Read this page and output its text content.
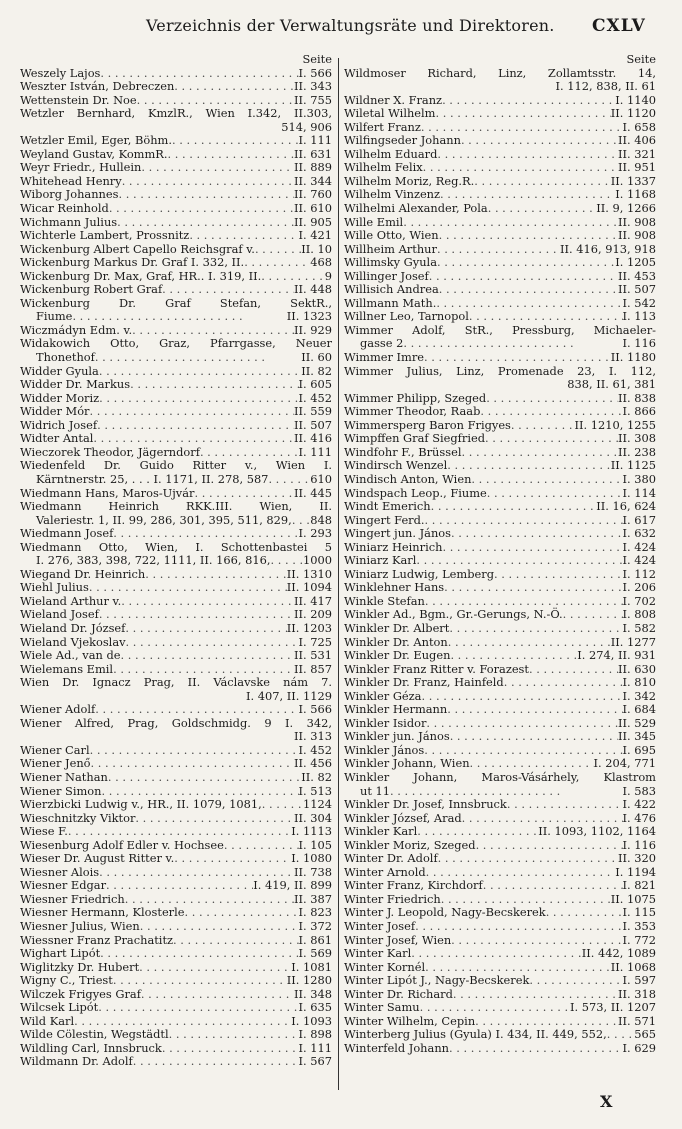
Verzeichnis der Verwaltungsräte und Direktoren. CXLV
Seite
Weszely Lajos . . .	I. 566
Weszter István, Debreczen . . .	II. 343
Wettenstein Dr. Noe . . .	II. 755
Wetzler Bernhard, KmzlR., Wien I.342, II.303,
514, 906
Wetzler Emil, Eger, Böhm. . . .	I. 111
Weyland Gustav, KommR. . . .	II. 631
Weyr Friedr., Hullein . . .	II. 889
Whitehead Henry . . .	II. 344
Wiborg Johannes . . .	II. 760
Wicar Reinhold . . .	II. 610
Wichmann Julius . . .	II. 905
Wichterle Lambert, Prossnitz . . .	I. 421
Wickenburg Albert Capello Reichsgraf v. . . .	II. 10
Wickenburg Markus Dr. Graf I. 332, II. . . .	468
Wickenburg Dr. Max, Graf, HR.. I. 319, II. . . .	9
Wickenburg Robert Graf . . .	II. 448
Wickenburg Dr. Graf Stefan, SektR.,
Fiume . . .	II. 1323
Wiczmádyn Edm. v. . . .	II. 929
Widakowich Otto, Graz, Pfarrgasse, Neuer
Thonethof . . .	II. 60
Widder Gyula . . .	II. 82
Widder Dr. Markus . . .	I. 605
Widder Moriz . . .	I. 452
Widder Mór . . .	II. 559
Widrich Josef . . .	II. 507
Widter Antal . . .	II. 416
Wieczorek Theodor, Jägerndorf . . .	I. 111
Wiedenfeld Dr. Guido Ritter v., Wien I.
Kärntnerstr. 25, . . . I. 1171, II. 278, 587 . . .	610
Wiedmann Hans, Maros-Ujvár . . .	II. 445
Wiedmann Heinrich RKK.III. Wien, II.
Valeriestr. 1, II. 99, 286, 301, 395, 511, 829, . . . 848
Wiedmann Josef . . .	I. 293
Wiedmann Otto, Wien, I. Schottenbastei 5
I. 276, 383, 398, 722, 1111, II. 166, 816, . . .	1000
Wiegand Dr. Heinrich . . .	II. 1310
Wiehl Julius . . .	II. 1094
Wieland Arthur v. . . .	II. 417
Wieland Josef . . .	II. 209
Wieland Dr. József . . .	II. 1203
Wieland Vjekoslav . . .	I. 725
Wiele Ad., van de . . .	II. 531
Wielemans Emil . . .	II. 857
Wien Dr. Ignacz Prag, II. Václavske nám 7.
I. 407, II. 1129
Wiener Adolf . . .	I. 566
Wiener Alfred, Prag, Goldschmidg. 9 I. 342,
II. 313
Wiener Carl . . .	I. 452
Wiener Jenő . . .	II. 456
Wiener Nathan . . .	II. 82
Wiener Simon . . .	I. 513
Wierzbicki Ludwig v., HR., II. 1079, 1081, . . .	1124
Wieschnitzky Viktor . . .	II. 304
Wiese F. . . .	I. 1113
Wiesenburg Adolf Edler v. Hochsee . . .	I. 105
Wieser Dr. August Ritter v. . . .	I. 1080
Wiesner Alois . . .	II. 738
Wiesner Edgar . . .	I. 419, II. 899
Wiesner Friedrich . . .	II. 387
Wiesner Hermann, Klosterle . . .	I. 823
Wiesner Julius, Wien . . .	I. 372
Wiessner Franz Prachatitz . . .	I. 861
Wighart Lipót . . .	I. 569
Wiglitzky Dr. Hubert . . .	I. 1081
Wigny C., Triest . . .	II. 1280
Wilczek Frigyes Graf . . .	II. 348
Wilcsek Lipót . . .	I. 635
Wild Karl . . .	I. 1093
Wilde Cölestin, Wegstädtl . . .	I. 898
Wildling Carl, Innsbruck . . .	I. 111
Wildmann Dr. Adolf . . .	I. 567
Seite
Wildmoser Richard, Linz, Zollamtsstr. 14,
I. 112, 838, II. 61
Wildner X. Franz . . .	I. 1140
Wiletal Wilhelm . . .	II. 1120
Wilfert Franz . . .	I. 658
Wilfingseder Johann . . .	II. 406
Wilhelm Eduard . . .	II. 321
Wilhelm Felix . . .	II. 951
Wilhelm Moriz, Reg.R. . . .	II. 1337
Wilhelm Vinzenz . . .	I. 1168
Wilhelmi Alexander, Pola . . .	II. 9, 1266
Wille Emil . . .	II. 908
Wille Otto, Wien . . .	II. 908
Willheim Arthur . . .	II. 416, 913, 918
Willimsky Gyula . . .	I. 1205
Willinger Josef . . .	II. 453
Willisich Andrea . . .	II. 507
Willmann Math. . . .	I. 542
Willner Leo, Tarnopol . . .	I. 113
Wimmer Adolf, StR., Pressburg, Michaeler-
gasse 2 . . .	I. 116
Wimmer Imre . . .	II. 1180
Wimmer Julius, Linz, Promenade 23, I. 112,
838, II. 61, 381
Wimmer Philipp, Szeged . . .	II. 838
Wimmer Theodor, Raab . . .	I. 866
Wimmersperg Baron Frigyes . . .	II. 1210, 1255
Wimpffen Graf Siegfried . . .	II. 308
Windfohr F., Brüssel . . .	II. 238
Windirsch Wenzel . . .	II. 1125
Windisch Anton, Wien . . .	I. 380
Windspach Leop., Fiume . . .	I. 114
Windt Emerich . . .	II. 16, 624
Wingert Ferd. . . .	I. 617
Wingert jun. János . . .	I. 632
Winiarz Heinrich . . .	I. 424
Winiarz Karl . . .	I. 424
Winiarz Ludwig, Lemberg . . .	I. 112
Winklehner Hans . . .	I. 206
Winkle Stefan . . .	I. 702
Winkler Ad., Bgm., Gr.-Gerungs, N.-Ö. . . .	I. 808
Winkler Dr. Albert . . .	I. 582
Winkler Dr. Anton . . .	II. 1277
Winkler Dr. Eugen . . .	I. 274, II. 931
Winkler Franz Ritter v. Forazest . . .	II. 630
Winkler Dr. Franz, Hainfeld . . .	I. 810
Winkler Géza . . .	I. 342
Winkler Hermann . . .	I. 684
Winkler Isidor . . .	II. 529
Winkler jun. János . . .	II. 345
Winkler János . . .	I. 695
Winkler Johann, Wien . . .	I. 204, 771
Winkler Johann, Maros-Vásárhely, Klastrom
ut 11 . . .	I. 583
Winkler Dr. Josef, Innsbruck . . .	I. 422
Winkler József, Arad . . .	I. 476
Winkler Karl . . .	II. 1093, 1102, 1164
Winkler Moriz, Szeged . . .	I. 116
Winter Dr. Adolf . . .	II. 320
Winter Arnold . . .	I. 1194
Winter Franz, Kirchdorf . . .	I. 821
Winter Friedrich . . .	II. 1075
Winter J. Leopold, Nagy-Becskerek . . .	I. 115
Winter Josef . . .	I. 353
Winter Josef, Wien . . .	I. 772
Winter Karl . . .	II. 442, 1089
Winter Kornél . . .	II. 1068
Winter Lipót J., Nagy-Becskerek . . .	I. 597
Winter Dr. Richard . . .	II. 318
Winter Samu . . .	I. 573, II. 1207
Winter Wilhelm, Cepin . . .	II. 571
Winterberg Julius (Gyula) I. 434, II. 449, 552, . . . 565
Winterfeld Johann . . .	I. 629
X
